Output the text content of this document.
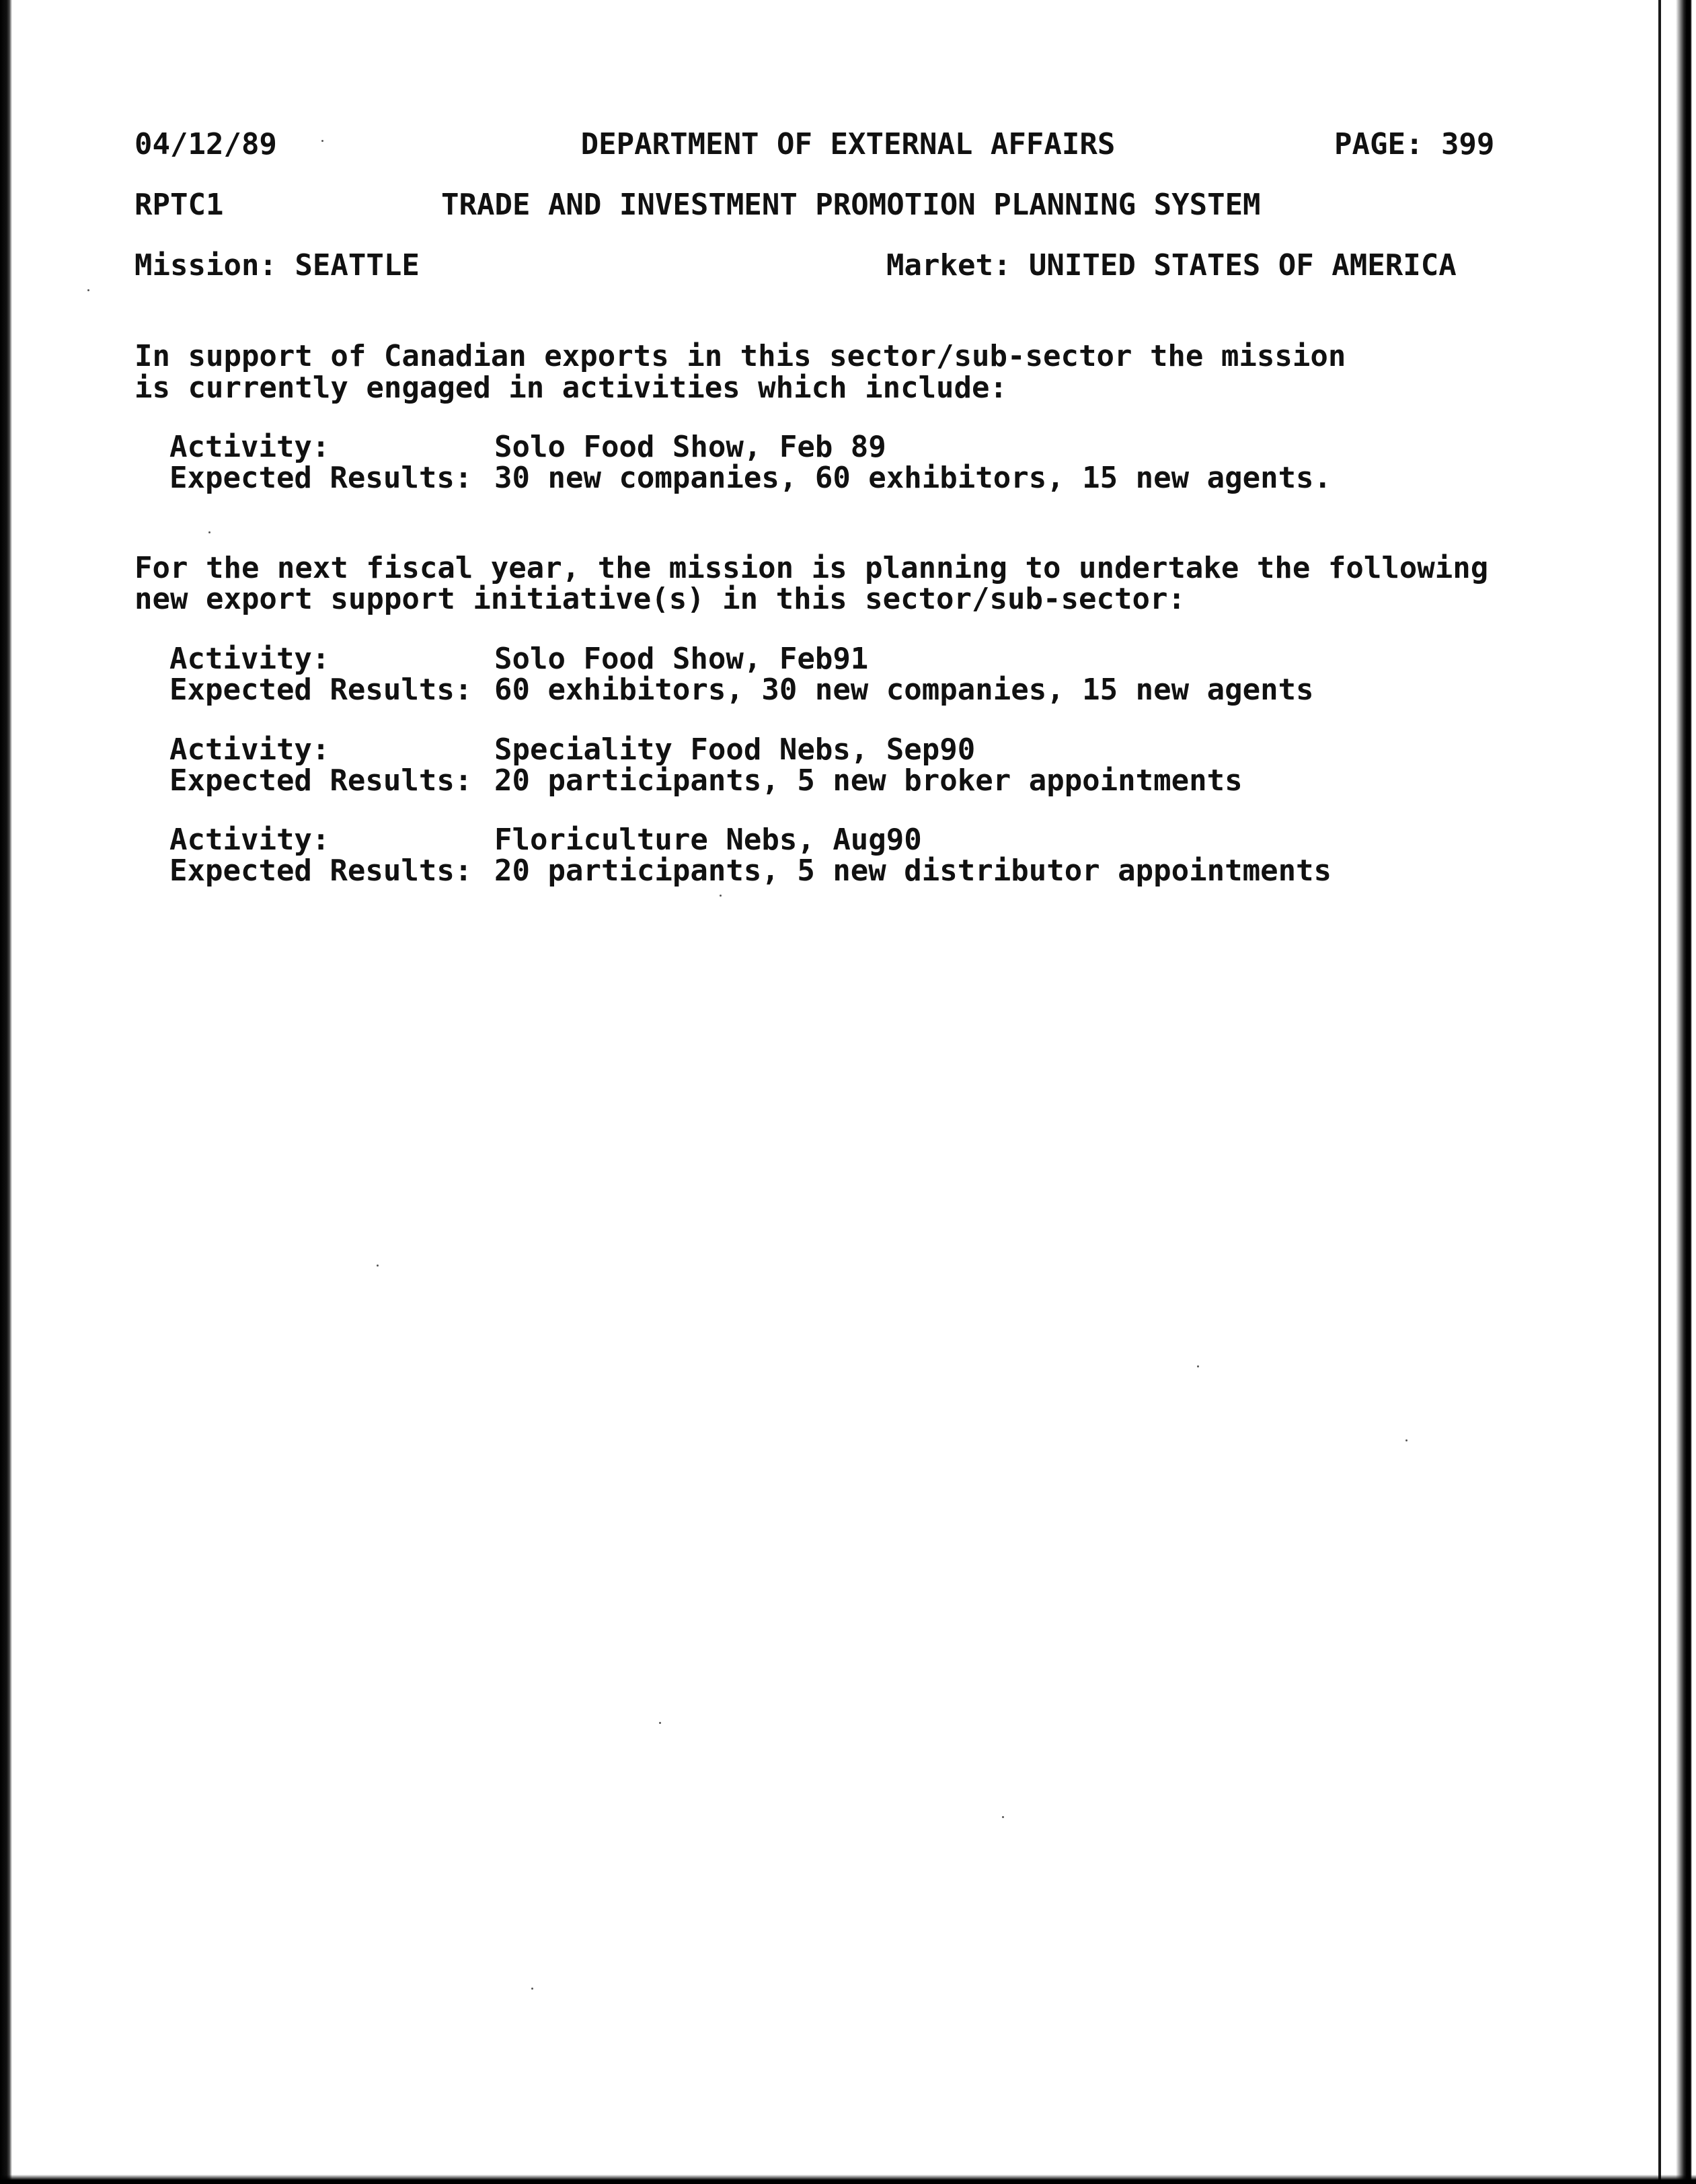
04/12/89	DEPARTMENT OF EXTERNAL AFFAIRS	PAGE: 399
RPTC1	TRADE AND INVESTMENT PROMOTION PLANNING SYSTEM
Mission: SEATTLE	Market: UNITED STATES OF AMERICA
In support of Canadian exports in this sector/sub-sector the mission
is currently engaged in activities which include:
Activity:	Solo Food Show, Feb 89
Expected Results: 30 new companies, 60 exhibitors, 15 new agents.
For the next fiscal year, the mission is planning to undertake the following
new export support initiative(s) in this sector/sub-sector:
Activity:	Solo Food Show, Feb91
Expected Results: 60 exhibitors, 30 new companies, 15 new agents
Activity:	Speciality Food Nebs, Sep90
Expected Results: 20 participants, 5 new broker appointments
Activity:	Floriculture Nebs, Aug90
Expected Results: 20 participants, 5 new distributor appointments
